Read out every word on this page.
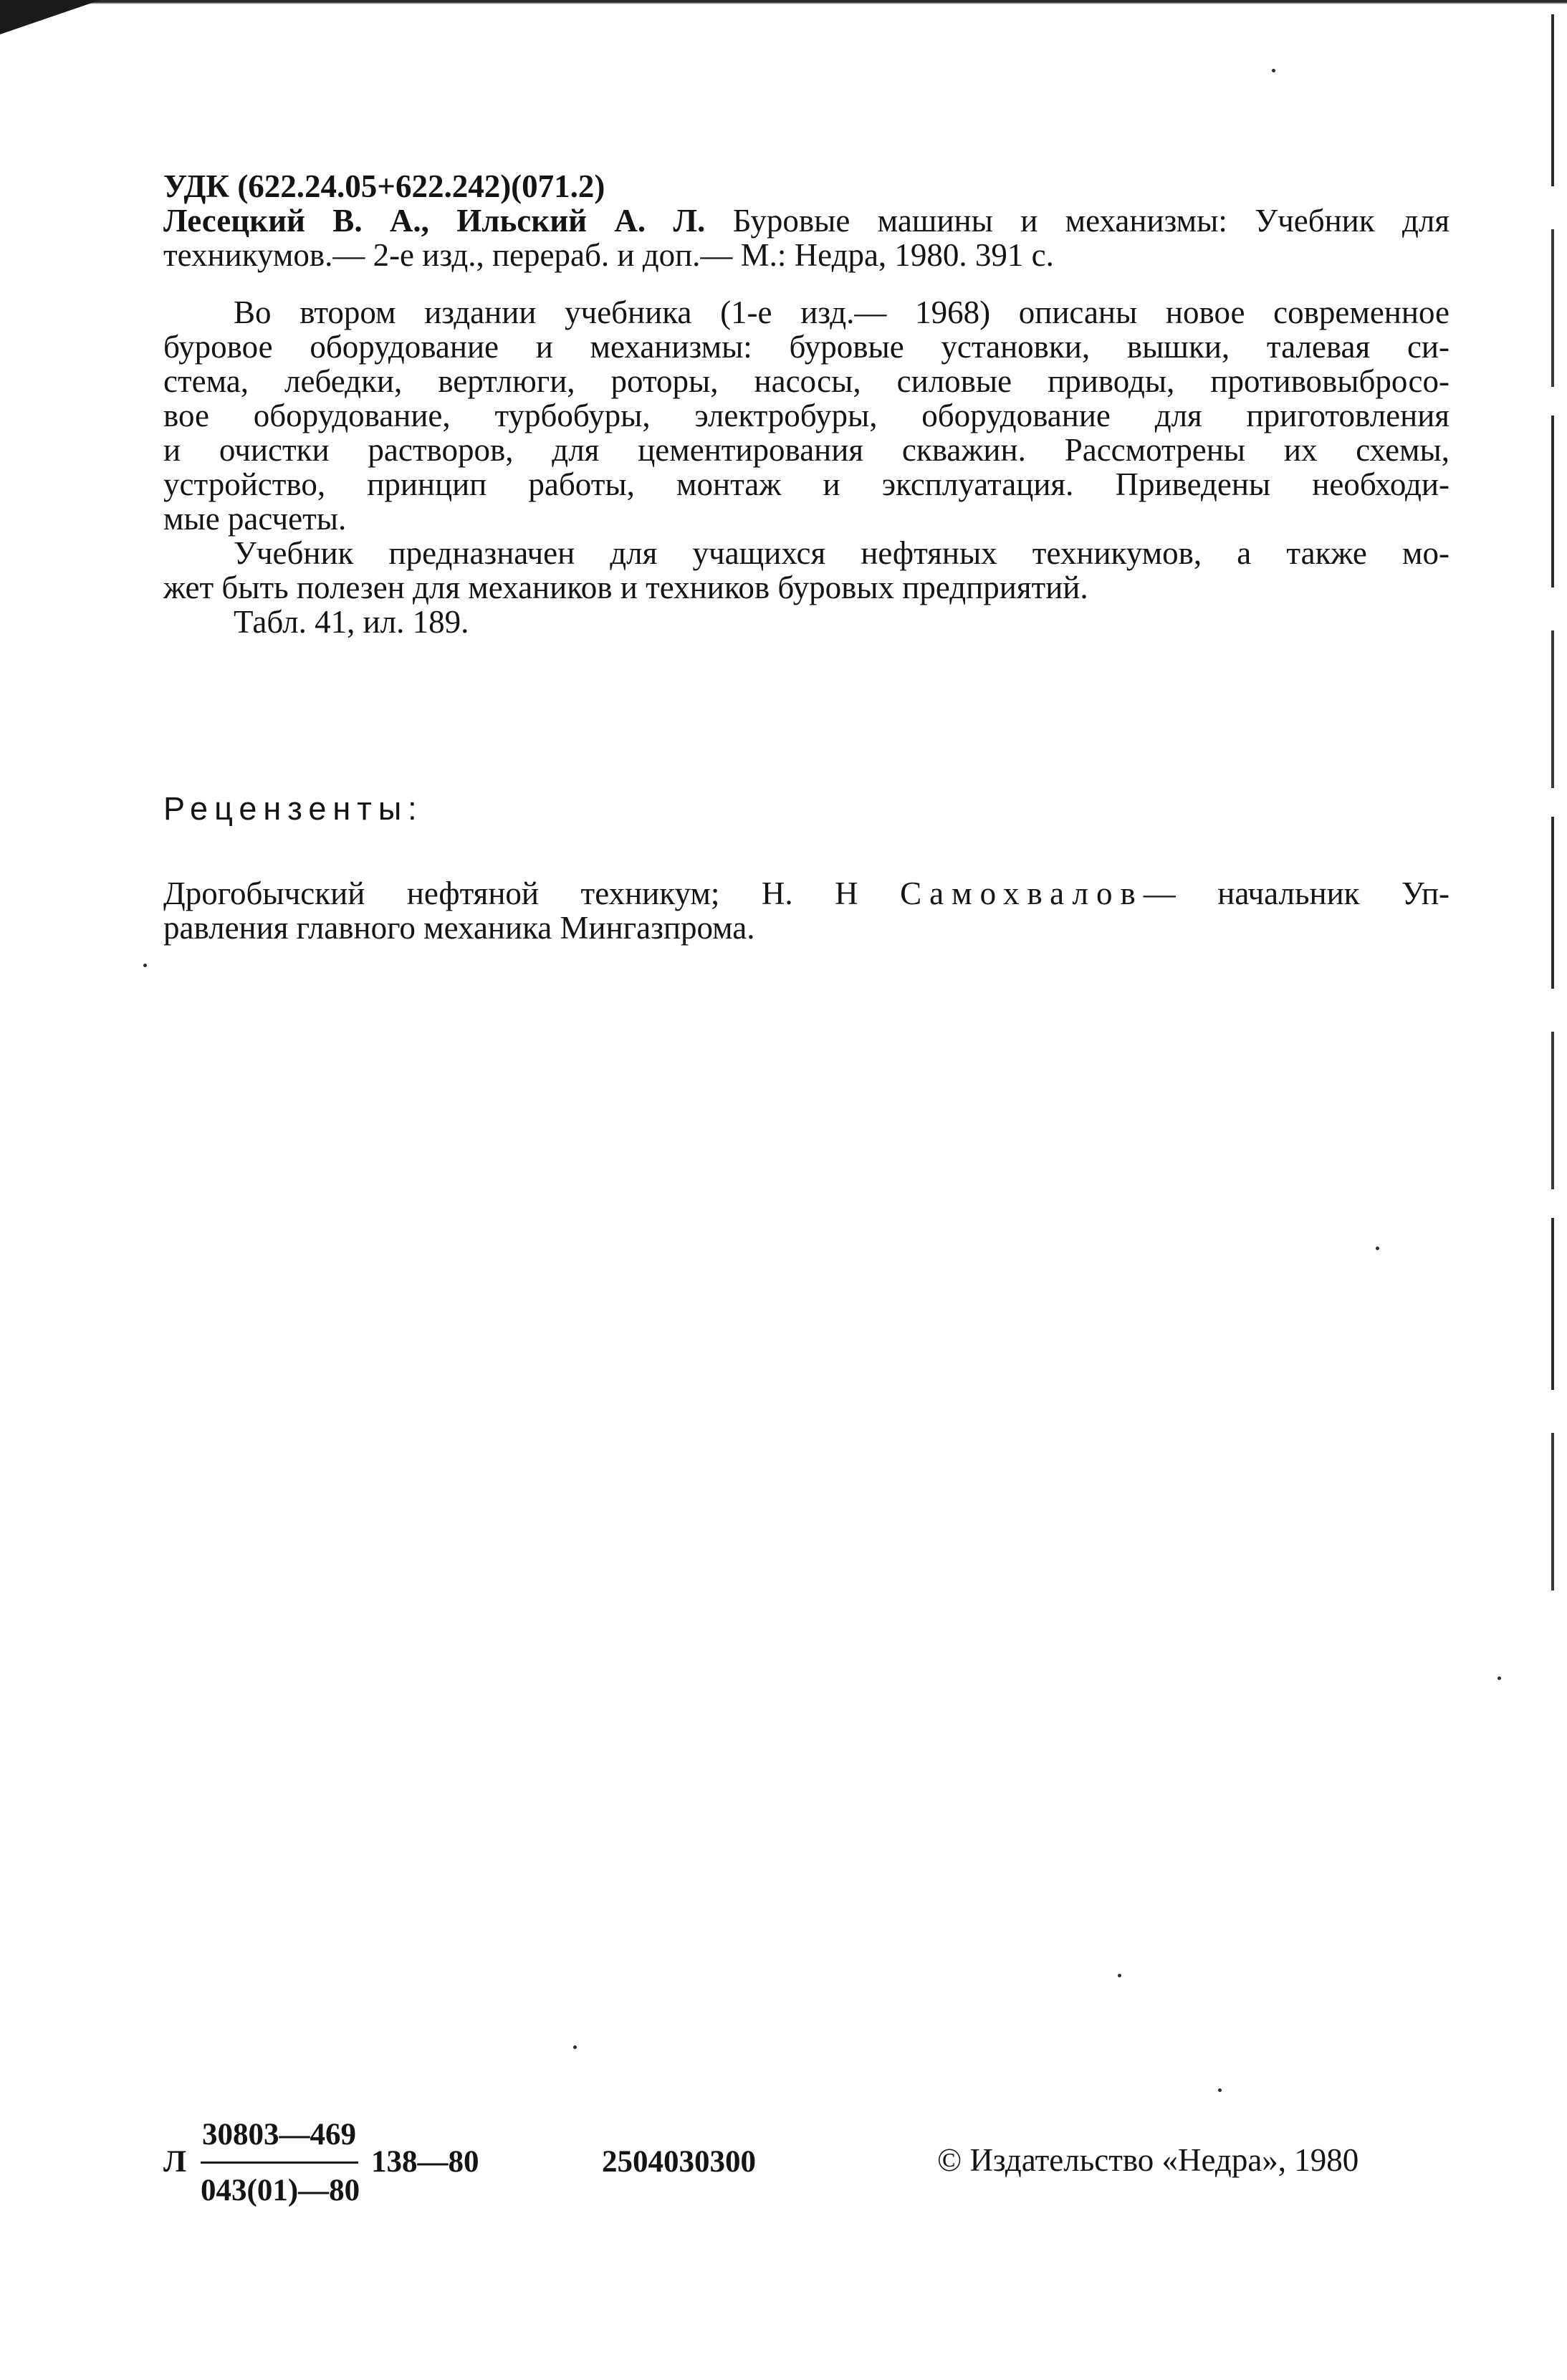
УДК (622.24.05+622.242)(071.2)
Лесецкий В. А., Ильский А. Л. Буровые машины и механизмы: Учебник для
техникумов.— 2-е изд., перераб. и доп.— М.: Недра, 1980. 391 с.
Во втором издании учебника (1-е изд.— 1968) описаны новое современное
буровое оборудование и механизмы: буровые установки, вышки, талевая си-
стема, лебедки, вертлюги, роторы, насосы, силовые приводы, противовыбросо-
вое оборудование, турбобуры, электробуры, оборудование для приготовления
и очистки растворов, для цементирования скважин. Рассмотрены их схемы,
устройство, принцип работы, монтаж и эксплуатация. Приведены необходи-
мые расчеты.
Учебник предназначен для учащихся нефтяных техникумов, а также мо-
жет быть полезен для механиков и техников буровых предприятий.
Табл. 41, ил. 189.
Рецензенты:
Дрогобычский нефтяной техникум; Н. Н Самохвалов— начальник Уп-
равления главного механика Мингазпрома.
Л
30803—469
043(01)—80
138—80	2504030300	© Издательство «Недра», 1980
